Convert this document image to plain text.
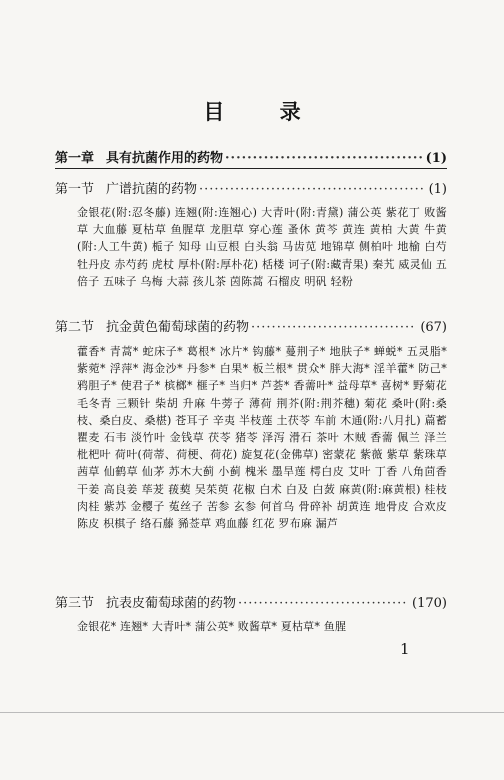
目 录
第一章 具有抗菌作用的药物 ·····	(1)
第一节 广谱抗菌的药物 ·····	(1)
金银花(附:忍冬藤) 连翘(附:连翘心) 大青叶(附:青黛) 蒲公英 紫花丁 败酱草 大血藤 夏枯草 鱼腥草 龙胆草 穿心莲 蚤休 黄芩 黄连 黄柏 大黄 牛黄(附:人工牛黄) 栀子 知母 山豆根 白头翁 马齿苋 地锦草 侧柏叶 地榆 白芍 牡丹皮 赤芍药 虎杖 厚朴(附:厚朴花) 栝楼 诃子(附:藏青果) 秦艽 威灵仙 五倍子 五味子 乌梅 大蒜 孩儿茶 茵陈蒿 石榴皮 明矾 轻粉
第二节 抗金黄色葡萄球菌的药物 ·····	(67)
藿香* 青蒿* 蛇床子* 葛根* 冰片* 钩藤* 蔓荆子* 地肤子* 蝉蜕* 五灵脂* 紫菀* 浮萍* 海金沙* 丹参* 白果* 板兰根* 贯众* 胖大海* 淫羊藿* 防己* 鸦胆子* 使君子* 槟榔* 榧子* 当归* 芦荟* 香薷叶* 益母草* 喜树* 野菊花 毛冬青 三颗针 柴胡 升麻 牛蒡子 薄荷 荆芥(附:荆芥穗) 菊花 桑叶(附:桑枝、桑白皮、桑椹) 苍耳子 辛夷 半枝莲 土茯苓 车前 木通(附:八月扎) 萹蓄 瞿麦 石韦 淡竹叶 金钱草 茯苓 猪苓 泽泻 滑石 茶叶 木贼 香薷 佩兰 泽兰 枇杷叶 荷叶(荷蒂、荷梗、荷花) 旋复花(金佛草) 密蒙花 紫薇 紫草 紫珠草 茜草 仙鹤草 仙茅 苏木大蓟 小蓟 槐米 墨旱莲 樗白皮 艾叶 丁香 八角茴香 干姜 高良姜 荜茇 菝葜 吴茱萸 花椒 白术 白及 白蔹 麻黄(附:麻黄根) 桂枝 肉桂 紫苏 金樱子 菟丝子 苦参 玄参 何首乌 骨碎补 胡黄连 地骨皮 合欢皮 陈皮 枳棋子 络石藤 豨莶草 鸡血藤 红花 罗布麻 漏芦
第三节 抗表皮葡萄球菌的药物 ·····	(170)
金银花* 连翘* 大青叶* 蒲公英* 败酱草* 夏枯草* 鱼腥
1
